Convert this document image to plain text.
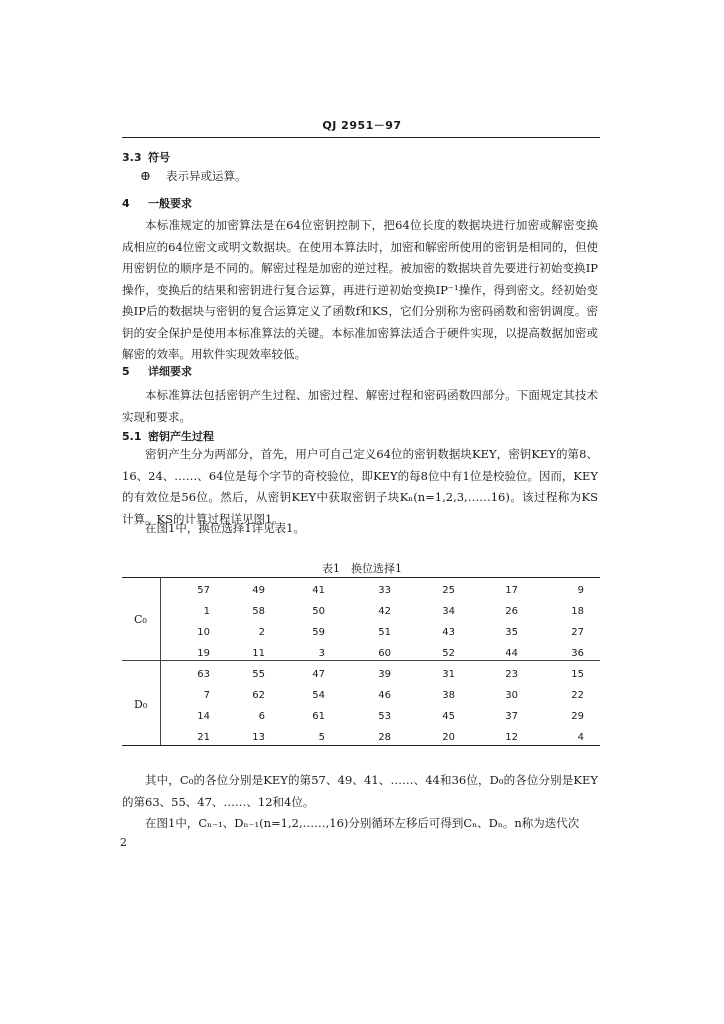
QJ 2951－97
3.3 符号
⊕ 表示异或运算。
4 一般要求
本标准规定的加密算法是在64位密钥控制下，把64位长度的数据块进行加密或解密变换成相应的64位密文或明文数据块。在使用本算法时，加密和解密所使用的密钥是相同的，但使用密钥位的顺序是不同的。解密过程是加密的逆过程。被加密的数据块首先要进行初始变换IP操作，变换后的结果和密钥进行复合运算，再进行逆初始变换IP⁻¹操作，得到密文。经初始变换IP后的数据块与密钥的复合运算定义了函数f和KS，它们分别称为密码函数和密钥调度。密钥的安全保护是使用本标准算法的关键。本标准加密算法适合于硬件实现，以提高数据加密或解密的效率。用软件实现效率较低。
5 详细要求
本标准算法包括密钥产生过程、加密过程、解密过程和密码函数四部分。下面规定其技术实现和要求。
5.1 密钥产生过程
密钥产生分为两部分，首先，用户可自己定义64位的密钥数据块KEY，密钥KEY的第8、16、24、……、64位是每个字节的奇校验位，即KEY的每8位中有1位是校验位。因而，KEY的有效位是56位。然后，从密钥KEY中获取密钥子块Kₙ(n=1,2,3,……16)。该过程称为KS计算。KS的计算过程详见图1。
在图1中，换位选择1详见表1。
表1　换位选择1
C₀
D₀
57	49	41	33	25	17	9
1	58	50	42	34	26	18
10	2	59	51	43	35	27
19	11	3	60	52	44	36
63	55	47	39	31	23	15
7	62	54	46	38	30	22
14	6	61	53	45	37	29
21	13	5	28	20	12	4
其中，C₀的各位分别是KEY的第57、49、41、……、44和36位，D₀的各位分别是KEY的第63、55、47、……、12和4位。
在图1中，Cₙ₋₁、Dₙ₋₁(n=1,2,……,16)分别循环左移后可得到Cₙ、Dₙ。n称为迭代次
2
